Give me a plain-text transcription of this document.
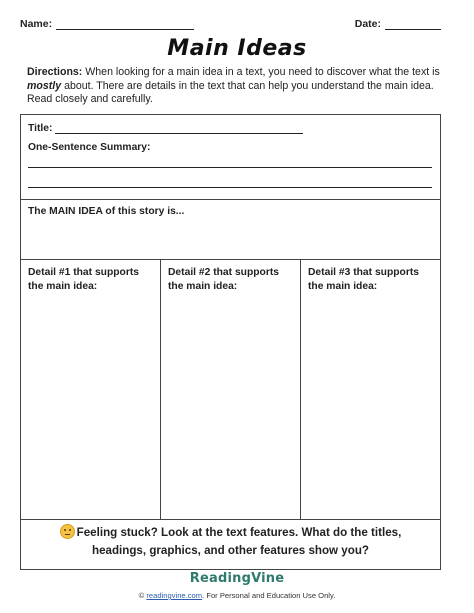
Name:	Date:
Main Ideas
Directions: When looking for a main idea in a text, you need to discover what the text is mostly about. There are details in the text that can help you understand the main idea. Read closely and carefully.
Title:
One-Sentence Summary:
The MAIN IDEA of this story is...
Detail #1 that supports the main idea:
Detail #2 that supports the main idea:
Detail #3 that supports the main idea:
Feeling stuck? Look at the text features. What do the titles,
headings, graphics, and other features show you?
ReadingVine
© readingvine.com. For Personal and Education Use Only.
